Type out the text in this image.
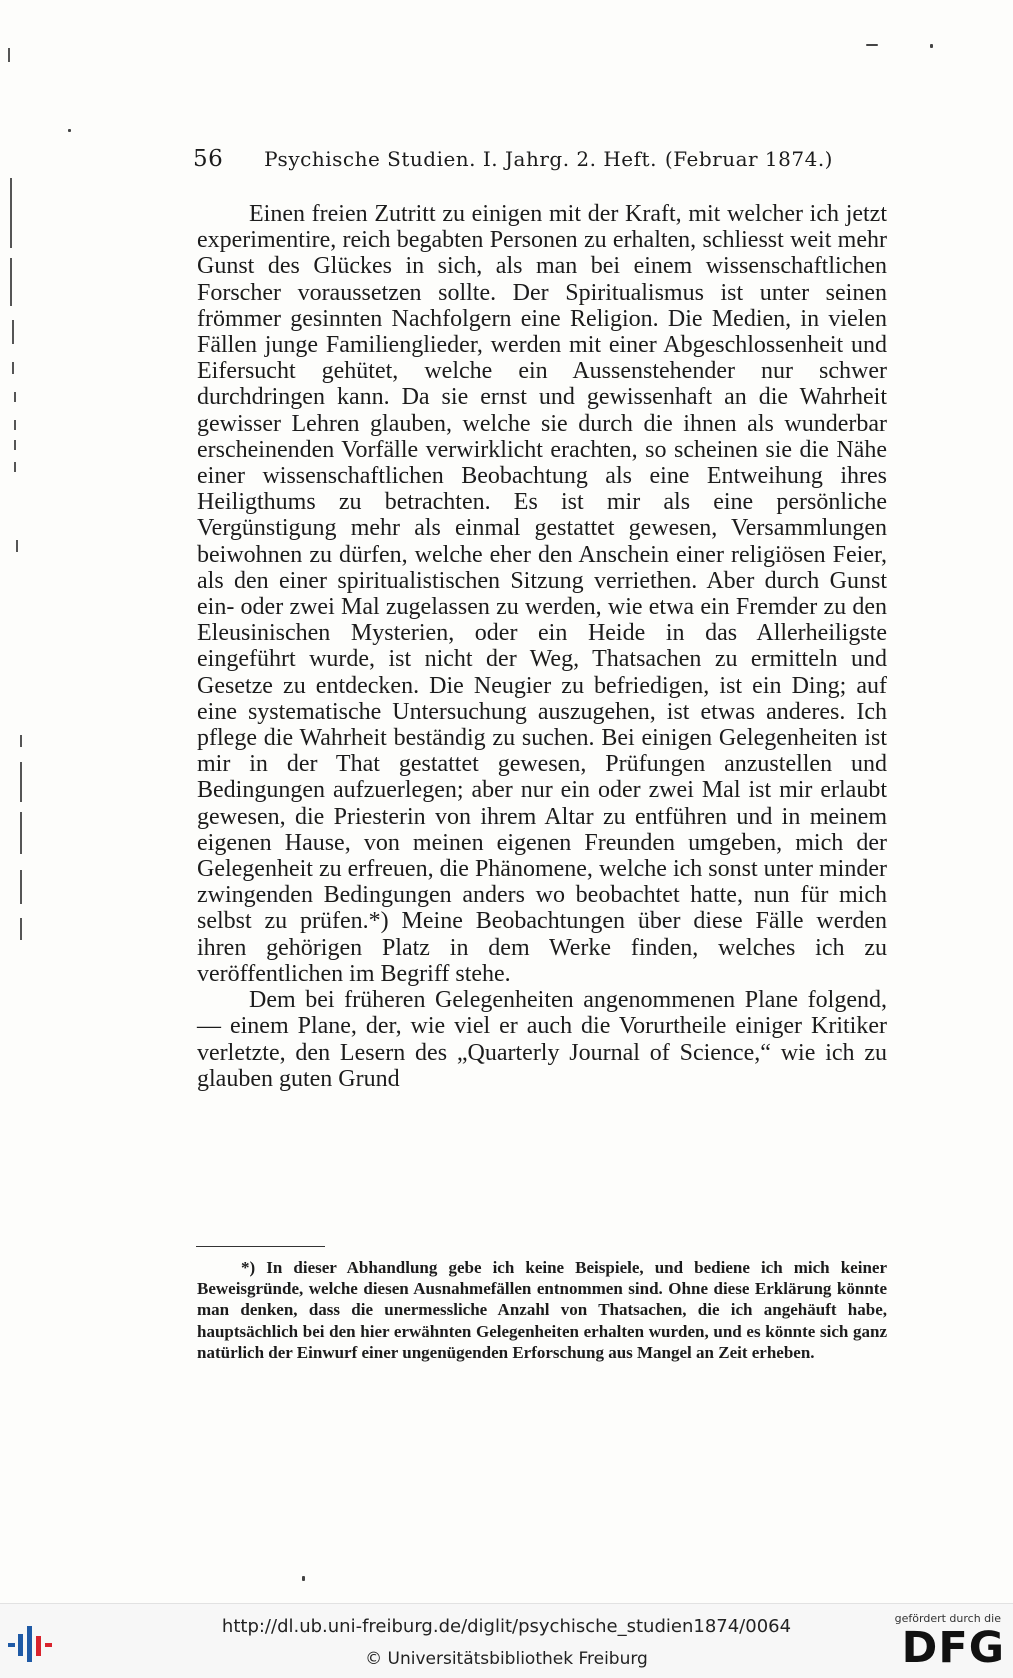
56 Psychische Studien. I. Jahrg. 2. Heft. (Februar 1874.)

Einen freien Zutritt zu einigen mit der Kraft, mit welcher ich jetzt experimentire, reich begabten Personen zu erhalten, schliesst weit mehr Gunst des Glückes in sich, als man bei einem wissenschaftlichen Forscher voraussetzen sollte. Der Spiritualismus ist unter seinen frömmer gesinnten Nachfolgern eine Religion. Die Medien, in vielen Fällen junge Familienglieder, werden mit einer Abgeschlossenheit und Eifersucht gehütet, welche ein Aussenstehender nur schwer durchdringen kann. Da sie ernst und gewissenhaft an die Wahrheit gewisser Lehren glauben, welche sie durch die ihnen als wunderbar erscheinenden Vorfälle verwirklicht erachten, so scheinen sie die Nähe einer wissenschaftlichen Beobachtung als eine Entweihung ihres Heiligthums zu betrachten. Es ist mir als eine persönliche Vergünstigung mehr als einmal gestattet gewesen, Versammlungen beiwohnen zu dürfen, welche eher den Anschein einer religiösen Feier, als den einer spiritualistischen Sitzung verriethen. Aber durch Gunst ein- oder zwei Mal zugelassen zu werden, wie etwa ein Fremder zu den Eleusinischen Mysterien, oder ein Heide in das Allerheiligste eingeführt wurde, ist nicht der Weg, Thatsachen zu ermitteln und Gesetze zu entdecken. Die Neugier zu befriedigen, ist ein Ding; auf eine systematische Untersuchung auszugehen, ist etwas anderes. Ich pflege die Wahrheit beständig zu suchen. Bei einigen Gelegenheiten ist mir in der That gestattet gewesen, Prüfungen anzustellen und Bedingungen aufzuerlegen; aber nur ein oder zwei Mal ist mir erlaubt gewesen, die Priesterin von ihrem Altar zu entführen und in meinem eigenen Hause, von meinen eigenen Freunden umgeben, mich der Gelegenheit zu erfreuen, die Phänomene, welche ich sonst unter minder zwingenden Bedingungen anders wo beobachtet hatte, nun für mich selbst zu prüfen.*) Meine Beobachtungen über diese Fälle werden ihren gehörigen Platz in dem Werke finden, welches ich zu veröffentlichen im Begriff stehe.

Dem bei früheren Gelegenheiten angenommenen Plane folgend, — einem Plane, der, wie viel er auch die Vorurtheile einiger Kritiker verletzte, den Lesern des „Quarterly Journal of Science,“ wie ich zu glauben guten Grund

*) In dieser Abhandlung gebe ich keine Beispiele, und bediene ich mich keiner Beweisgründe, welche diesen Ausnahmefällen entnommen sind. Ohne diese Erklärung könnte man denken, dass die unermessliche Anzahl von Thatsachen, die ich angehäuft habe, hauptsächlich bei den hier erwähnten Gelegenheiten erhalten wurden, und es könnte sich ganz natürlich der Einwurf einer ungenügenden Erforschung aus Mangel an Zeit erheben.

http://dl.ub.uni-freiburg.de/diglit/psychische_studien1874/0064
© Universitätsbibliothek Freiburg
gefördert durch die
DFG
